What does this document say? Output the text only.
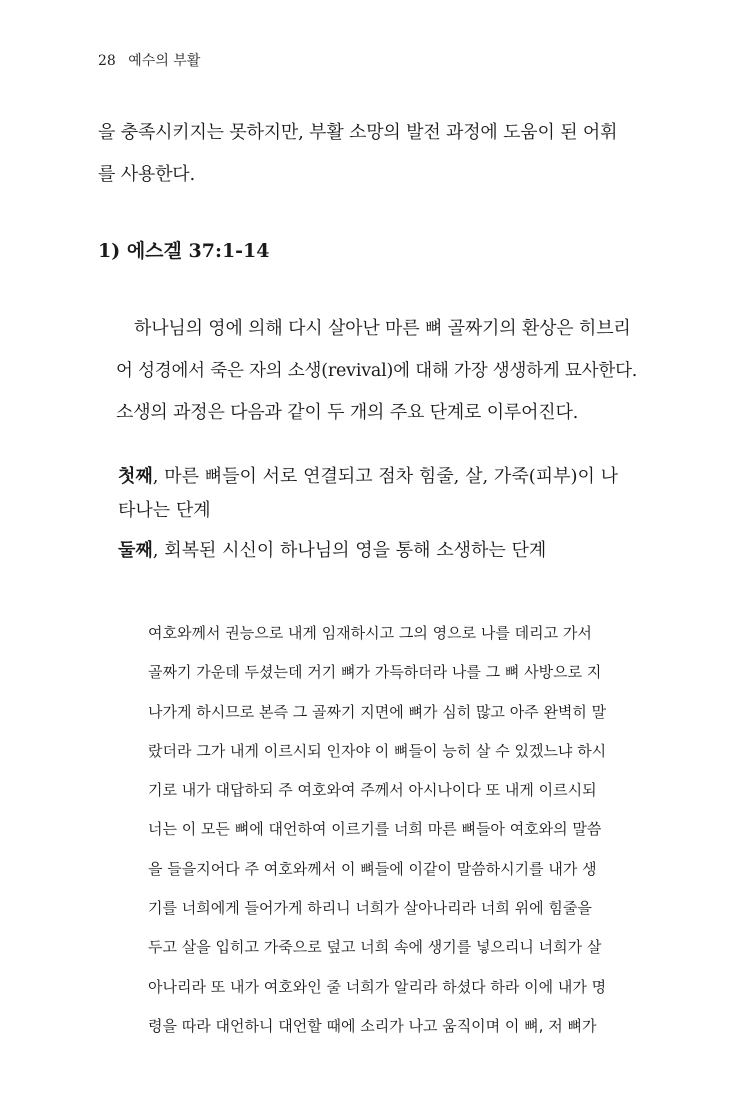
28 예수의 부활
을 충족시키지는 못하지만, 부활 소망의 발전 과정에 도움이 된 어휘
를 사용한다.
1) 에스겔 37:1-14
하나님의 영에 의해 다시 살아난 마른 뼈 골짜기의 환상은 히브리
어 성경에서 죽은 자의 소생(revival)에 대해 가장 생생하게 묘사한다.
소생의 과정은 다음과 같이 두 개의 주요 단계로 이루어진다.
첫째, 마른 뼈들이 서로 연결되고 점차 힘줄, 살, 가죽(피부)이 나
타나는 단계
둘째, 회복된 시신이 하나님의 영을 통해 소생하는 단계
여호와께서 권능으로 내게 임재하시고 그의 영으로 나를 데리고 가서
골짜기 가운데 두셨는데 거기 뼈가 가득하더라 나를 그 뼈 사방으로 지
나가게 하시므로 본즉 그 골짜기 지면에 뼈가 심히 많고 아주 완벽히 말
랐더라 그가 내게 이르시되 인자야 이 뼈들이 능히 살 수 있겠느냐 하시
기로 내가 대답하되 주 여호와여 주께서 아시나이다 또 내게 이르시되
너는 이 모든 뼈에 대언하여 이르기를 너희 마른 뼈들아 여호와의 말씀
을 들을지어다 주 여호와께서 이 뼈들에 이같이 말씀하시기를 내가 생
기를 너희에게 들어가게 하리니 너희가 살아나리라 너희 위에 힘줄을
두고 살을 입히고 가죽으로 덮고 너희 속에 생기를 넣으리니 너희가 살
아나리라 또 내가 여호와인 줄 너희가 알리라 하셨다 하라 이에 내가 명
령을 따라 대언하니 대언할 때에 소리가 나고 움직이며 이 뼈, 저 뼈가
